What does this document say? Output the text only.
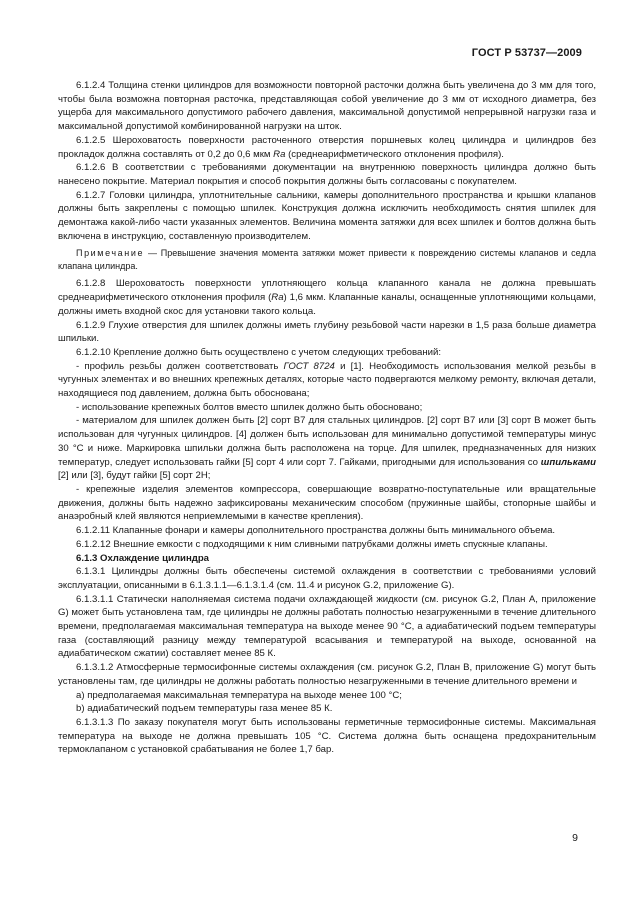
ГОСТ Р 53737—2009

6.1.2.4 Толщина стенки цилиндров для возможности повторной расточки должна быть увеличена до 3 мм для того, чтобы была возможна повторная расточка, представляющая собой увеличение до 3 мм от исходного диаметра, без ущерба для максимального допустимого рабочего давления, максимальной допустимой непрерывной нагрузки газа и максимальной допустимой комбинированной нагрузки на шток.

6.1.2.5 Шероховатость поверхности расточенного отверстия поршневых колец цилиндра и цилиндров без прокладок должна составлять от 0,2 до 0,6 мкм Ra (среднеарифметического отклонения профиля).

6.1.2.6 В соответствии с требованиями документации на внутреннюю поверхность цилиндра должно быть нанесено покрытие. Материал покрытия и способ покрытия должны быть согласованы с покупателем.

6.1.2.7 Головки цилиндра, уплотнительные сальники, камеры дополнительного пространства и крышки клапанов должны быть закреплены с помощью шпилек. Конструкция должна исключить необходимость снятия шпилек для демонтажа какой-либо части указанных элементов. Величина момента затяжки для всех шпилек и болтов должна быть включена в инструкцию, составленную производителем.

Примечание — Превышение значения момента затяжки может привести к повреждению системы клапанов и седла клапана цилиндра.

6.1.2.8 Шероховатость поверхности уплотняющего кольца клапанного канала не должна превышать среднеарифметического отклонения профиля (Ra) 1,6 мкм. Клапанные каналы, оснащенные уплотняющими кольцами, должны иметь входной скос для установки такого кольца.

6.1.2.9 Глухие отверстия для шпилек должны иметь глубину резьбовой части нарезки в 1,5 раза больше диаметра шпильки.

6.1.2.10 Крепление должно быть осуществлено с учетом следующих требований:

- профиль резьбы должен соответствовать ГОСТ 8724 и [1]. Необходимость использования мелкой резьбы в чугунных элементах и во внешних крепежных деталях, которые часто подвергаются мелкому ремонту, включая детали, находящиеся под давлением, должна быть обоснована;

- использование крепежных болтов вместо шпилек должно быть обосновано;

- материалом для шпилек должен быть [2] сорт В7 для стальных цилиндров. [2] сорт В7 или [3] сорт В может быть использован для чугунных цилиндров. [4] должен быть использован для минимально допустимой температуры минус 30 °С и ниже. Маркировка шпильки должна быть расположена на торце. Для шпилек, предназначенных для низких температур, следует использовать гайки [5] сорт 4 или сорт 7. Гайками, пригодными для использования со шпильками [2] или [3], будут гайки [5] сорт 2Н;

- крепежные изделия элементов компрессора, совершающие возвратно-поступательные или вращательные движения, должны быть надежно зафиксированы механическим способом (пружинные шайбы, стопорные шайбы и анаэробный клей являются неприемлемыми в качестве крепления).

6.1.2.11 Клапанные фонари и камеры дополнительного пространства должны быть минимального объема.

6.1.2.12 Внешние емкости с подходящими к ним сливными патрубками должны иметь спускные клапаны.

6.1.3 Охлаждение цилиндра

6.1.3.1 Цилиндры должны быть обеспечены системой охлаждения в соответствии с требованиями условий эксплуатации, описанными в 6.1.3.1.1—6.1.3.1.4 (см. 11.4 и рисунок G.2, приложение G).

6.1.3.1.1 Статически наполняемая система подачи охлаждающей жидкости (см. рисунок G.2, План А, приложение G) может быть установлена там, где цилиндры не должны работать полностью незагруженными в течение длительного времени, предполагаемая максимальная температура на выходе менее 90 °С, а адиабатический подъем температуры газа (составляющий разницу между температурой всасывания и температурой на выходе, основанной на адиабатическом сжатии) составляет менее 85 К.

6.1.3.1.2 Атмосферные термосифонные системы охлаждения (см. рисунок G.2, План В, приложение G) могут быть установлены там, где цилиндры не должны работать полностью незагруженными в течение длительного времени и

a) предполагаемая максимальная температура на выходе менее 100 °С;

b) адиабатический подъем температуры газа менее 85 К.

6.1.3.1.3 По заказу покупателя могут быть использованы герметичные термосифонные системы. Максимальная температура на выходе не должна превышать 105 °С. Система должна быть оснащена предохранительным термоклапаном с установкой срабатывания не более 1,7 бар.

9
